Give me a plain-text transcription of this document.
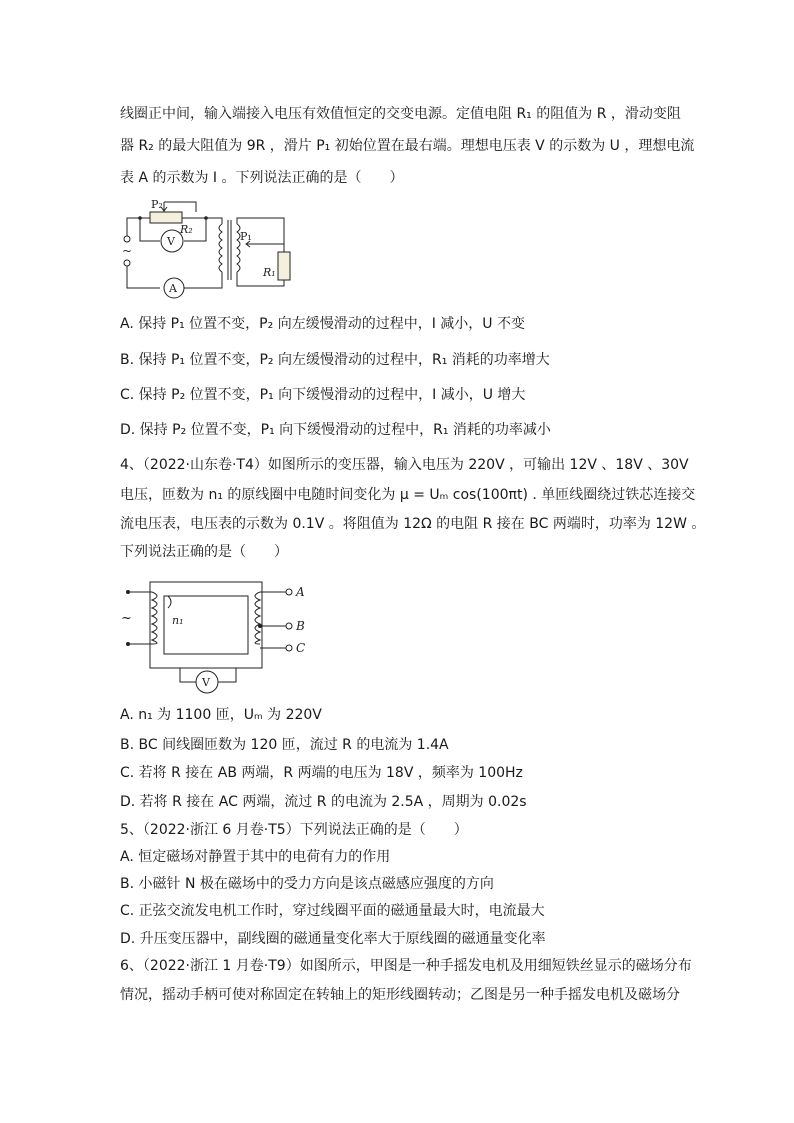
线圈正中间，输入端接入电压有效值恒定的交变电源。定值电阻 R₁ 的阻值为 R ，滑动变阻
器 R₂ 的最大阻值为 9R ，滑片 P₁ 初始位置在最右端。理想电压表 V 的示数为 U ，理想电流
表 A 的示数为 I 。下列说法正确的是（　　）
P₂
R₂
V	P₁
R₁
A
~
A. 保持 P₁ 位置不变，P₂ 向左缓慢滑动的过程中，I 减小，U 不变
B. 保持 P₁ 位置不变，P₂ 向左缓慢滑动的过程中，R₁ 消耗的功率增大
C. 保持 P₂ 位置不变，P₁ 向下缓慢滑动的过程中，I 减小，U 增大
D. 保持 P₂ 位置不变，P₁ 向下缓慢滑动的过程中，R₁ 消耗的功率减小
4、（2022·山东卷·T4）如图所示的变压器，输入电压为 220V ，可输出 12V 、18V 、30V
电压，匝数为 n₁ 的原线圈中电随时间变化为 μ = Uₘ cos(100πt) . 单匝线圈绕过铁芯连接交
流电压表，电压表的示数为 0.1V 。将阻值为 12Ω 的电阻 R 接在 BC 两端时，功率为 12W 。
下列说法正确的是（　　）
~	n₁
A
B
C
V
A. n₁ 为 1100 匝，Uₘ 为 220V
B. BC 间线圈匝数为 120 匝，流过 R 的电流为 1.4A
C. 若将 R 接在 AB 两端，R 两端的电压为 18V ，频率为 100Hz
D. 若将 R 接在 AC 两端，流过 R 的电流为 2.5A ，周期为 0.02s
5、（2022·浙江 6 月卷·T5）下列说法正确的是（　　）
A. 恒定磁场对静置于其中的电荷有力的作用
B. 小磁针 N 极在磁场中的受力方向是该点磁感应强度的方向
C. 正弦交流发电机工作时，穿过线圈平面的磁通量最大时，电流最大
D. 升压变压器中，副线圈的磁通量变化率大于原线圈的磁通量变化率
6、（2022·浙江 1 月卷·T9）如图所示，甲图是一种手摇发电机及用细短铁丝显示的磁场分布
情况，摇动手柄可使对称固定在转轴上的矩形线圈转动；乙图是另一种手摇发电机及磁场分
